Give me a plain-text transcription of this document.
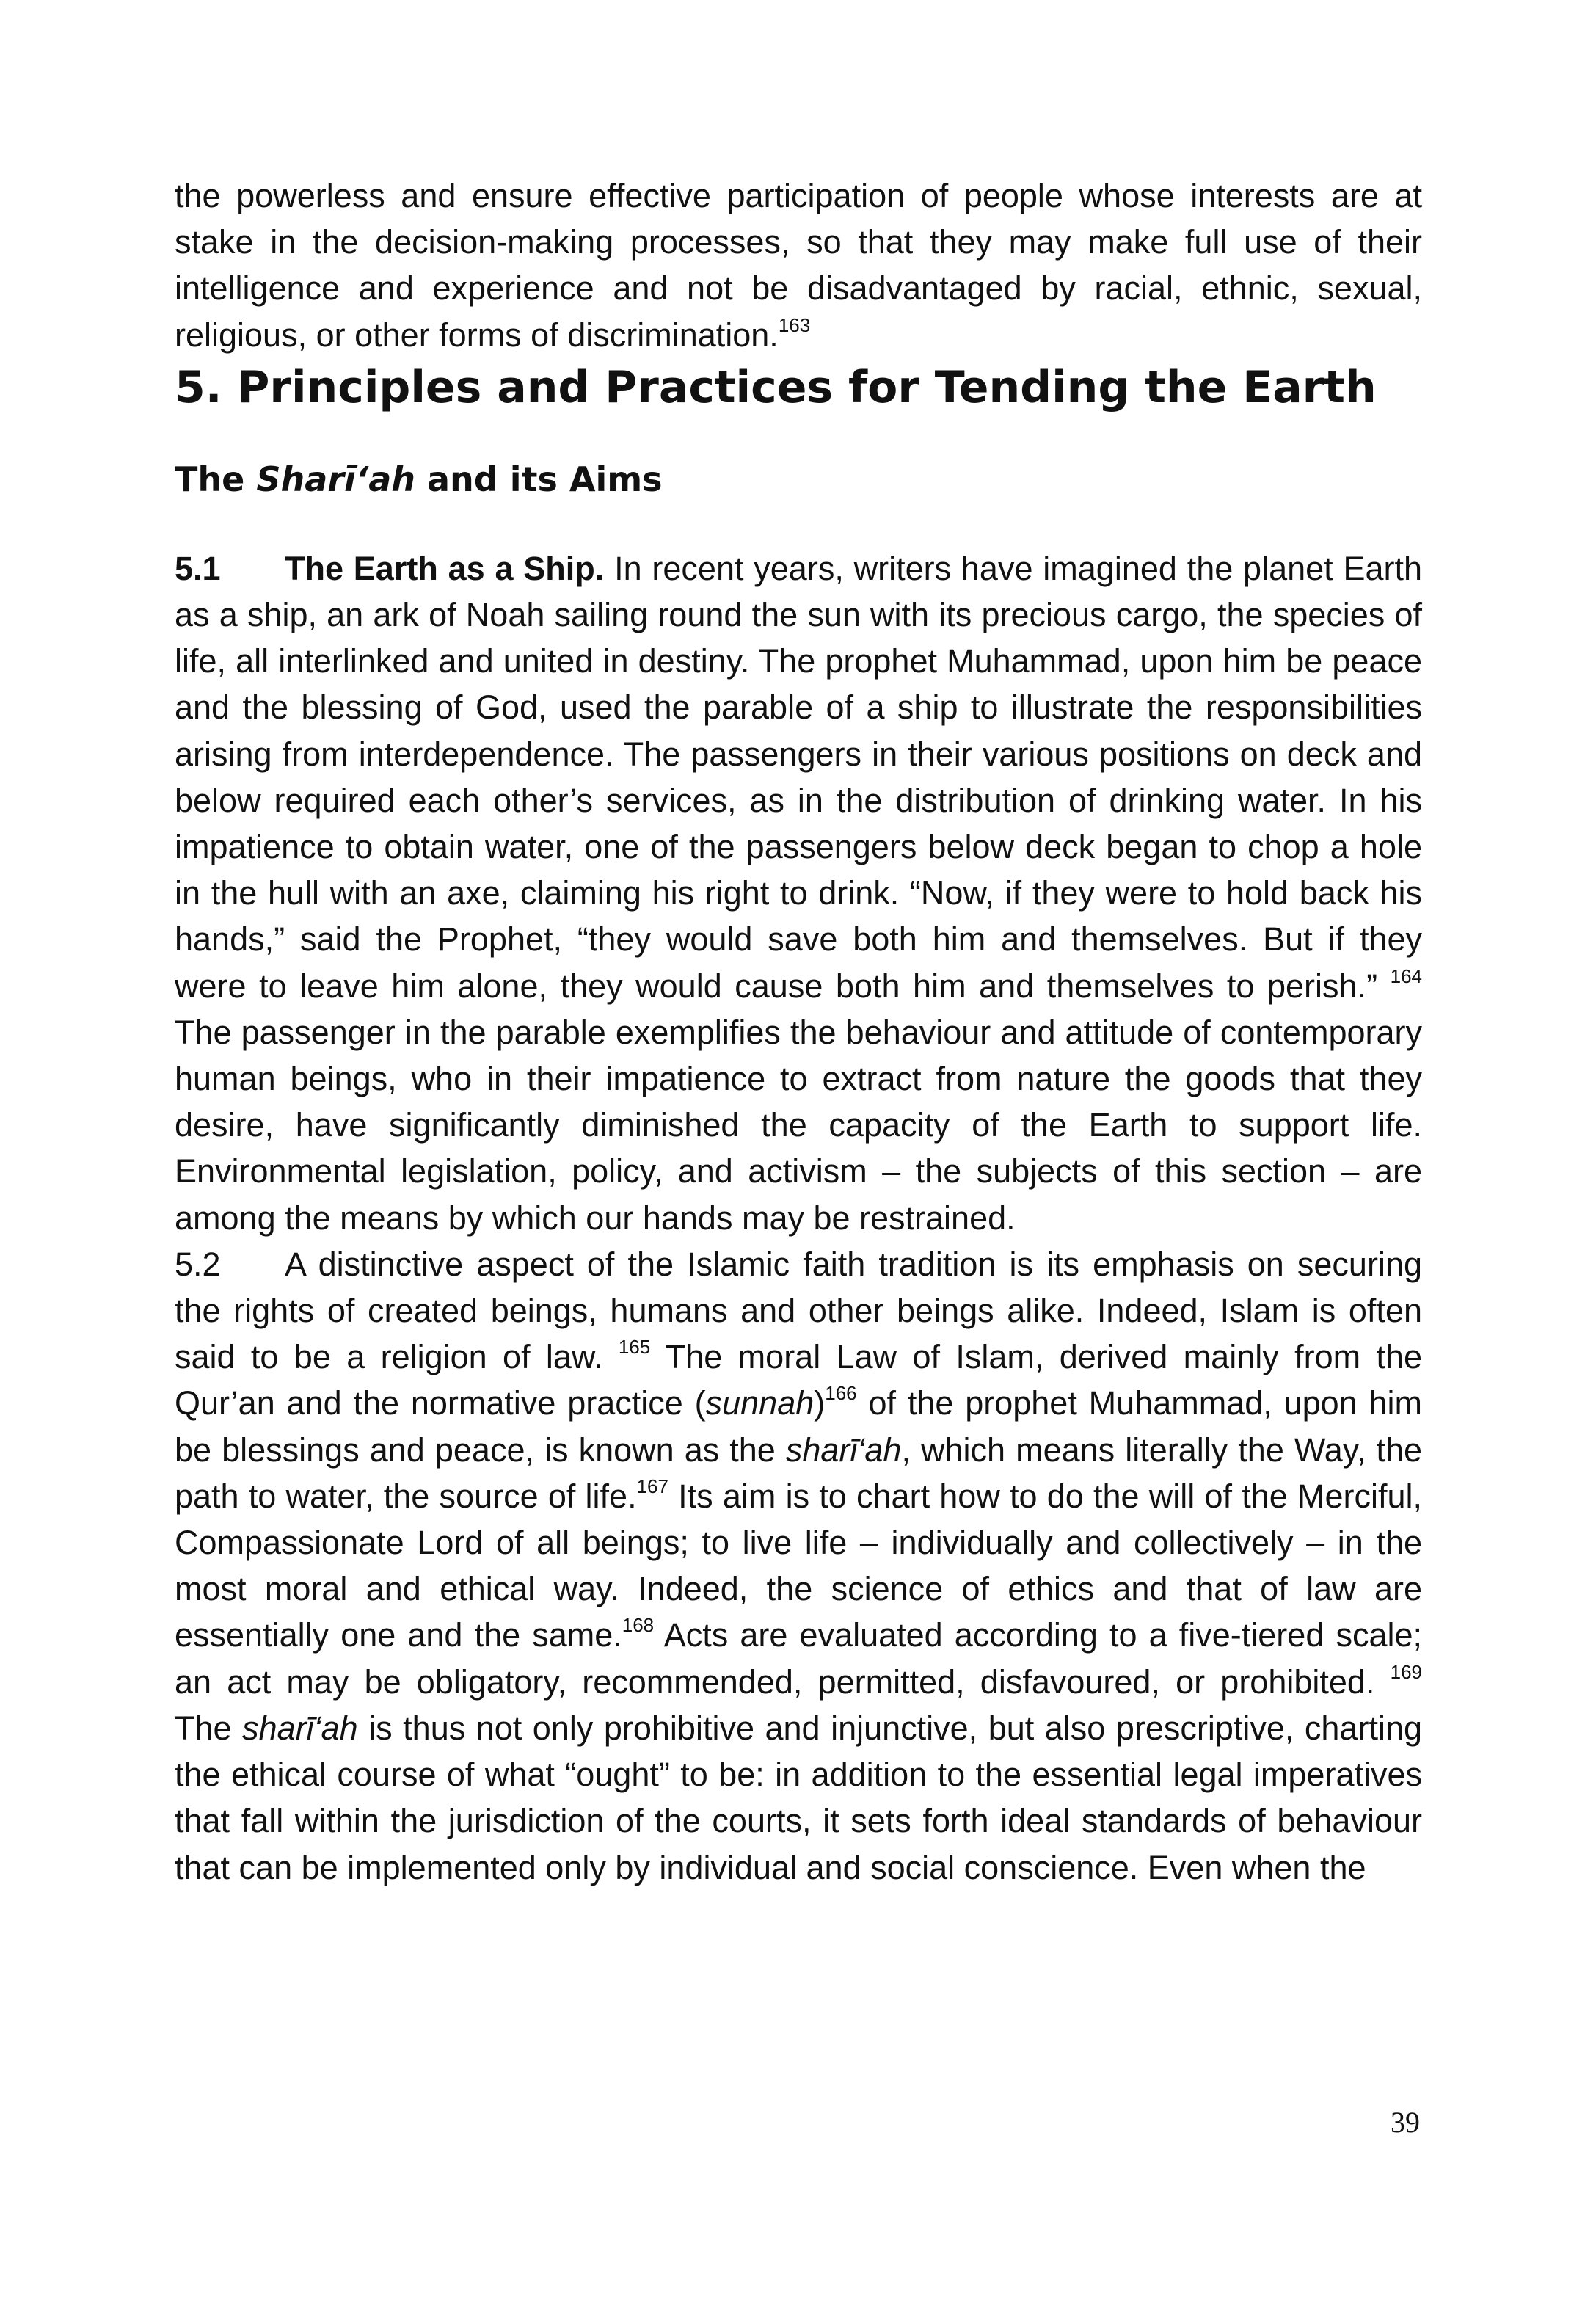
the powerless and ensure effective participation of people whose interests are at stake in the decision-making processes, so that they may make full use of their intelligence and experience and not be disadvantaged by racial, ethnic, sexual, religious, or other forms of discrimination.$^{163}$

5. Principles and Practices for Tending the Earth
The Sharī‘ah and its Aims

5.1 The Earth as a Ship. In recent years, writers have imagined the planet Earth as a ship, an ark of Noah sailing round the sun with its precious cargo, the species of life, all interlinked and united in destiny. The prophet Muhammad, upon him be peace and the blessing of God, used the parable of a ship to illustrate the responsibilities arising from interdependence. The passengers in their various positions on deck and below required each other’s services, as in the distribution of drinking water. In his impatience to obtain water, one of the passengers below deck began to chop a hole in the hull with an axe, claiming his right to drink. “Now, if they were to hold back his hands,” said the Prophet, “they would save both him and themselves. But if they were to leave him alone, they would cause both him and themselves to perish.” $^{164}$ The passenger in the parable exemplifies the behaviour and attitude of contemporary human beings, who in their impatience to extract from nature the goods that they desire, have significantly diminished the capacity of the Earth to support life. Environmental legislation, policy, and activism – the subjects of this section – are among the means by which our hands may be restrained.

5.2 A distinctive aspect of the Islamic faith tradition is its emphasis on securing the rights of created beings, humans and other beings alike. Indeed, Islam is often said to be a religion of law. $^{165}$ The moral Law of Islam, derived mainly from the Qur’an and the normative practice (sunnah)$^{166}$ of the prophet Muhammad, upon him be blessings and peace, is known as the sharī‘ah, which means literally the Way, the path to water, the source of life.$^{167}$ Its aim is to chart how to do the will of the Merciful, Compassionate Lord of all beings; to live life – individually and collectively – in the most moral and ethical way. Indeed, the science of ethics and that of law are essentially one and the same.$^{168}$ Acts are evaluated according to a five-tiered scale; an act may be obligatory, recommended, permitted, disfavoured, or prohibited. $^{169}$ The sharī‘ah is thus not only prohibitive and injunctive, but also prescriptive, charting the ethical course of what “ought” to be: in addition to the essential legal imperatives that fall within the jurisdiction of the courts, it sets forth ideal standards of behaviour that can be implemented only by individual and social conscience. Even when the

39
